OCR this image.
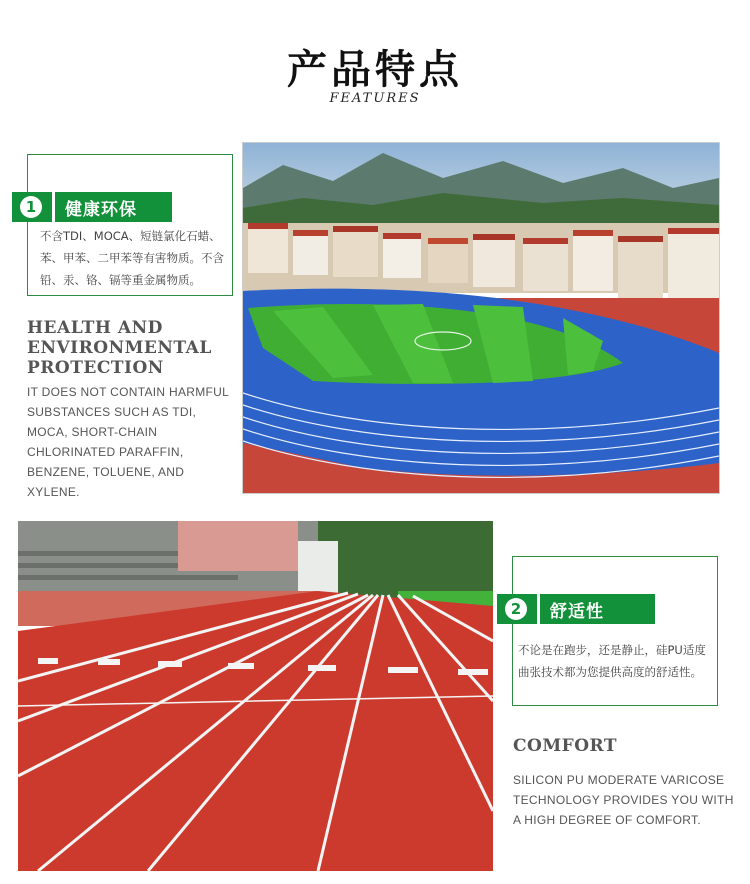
产品特点
FEATURES
1	健康环保
不含TDI、MOCA、短链氯化石蜡、苯、甲苯、二甲苯等有害物质。不含铅、汞、铬、镉等重金属物质。
HEALTH AND
ENVIRONMENTAL
PROTECTION
IT DOES NOT CONTAIN HARMFUL SUBSTANCES SUCH AS TDI, MOCA, SHORT-CHAIN CHLORINATED PARAFFIN, BENZENE, TOLUENE, AND XYLENE.
2	舒适性
不论是在跑步，还是静止，硅PU适度曲张技术都为您提供高度的舒适性。
COMFORT
SILICON PU MODERATE VARICOSE TECHNOLOGY PROVIDES YOU WITH A HIGH DEGREE OF COMFORT.
